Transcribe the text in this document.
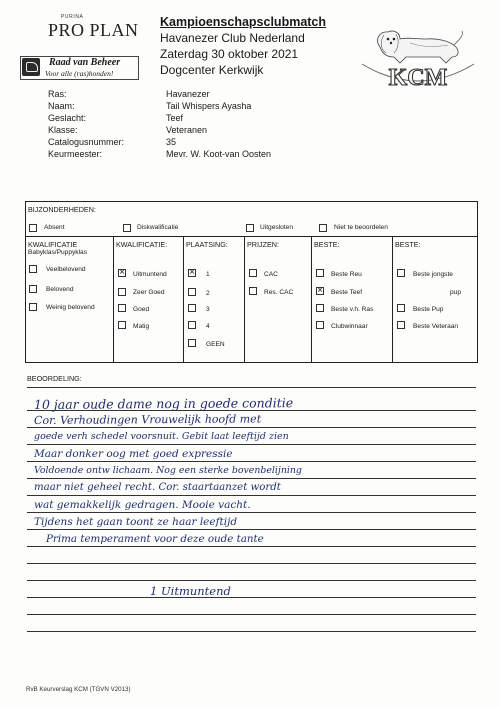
PURINA
PRO PLAN
Raad van Beheer
Voor alle (ras)honden!
Kampioenschapsclubmatch
Havanezer Club Nederland
Zaterdag 30 oktober 2021
Dogcenter Kerkwijk	KCM
Ras:	Havanezer
Naam:	Tail Whispers Ayasha
Geslacht:	Teef
Klasse:	Veteranen
Catalogusnummer:	35
Keurmeester:	Mevr. W. Koot-van Oosten
BIJZONDERHEDEN:
Absent	Diskwalificatie	Uitgesloten	Niet te beoordelen
KWALIFICATIE
Babyklas/Puppyklas
Veelbelovend
Belovend
Weinig belovend
KWALIFICATIE:
×
Uitmuntend
Zeer Goed
Goed
Matig
PLAATSING:
×
1
2
3
4
GEEN
PRIJZEN:
CAC
Res. CAC
BESTE:
Beste Reu
×
Beste Teef
Beste v.h. Ras
Clubwinnaar
BESTE:
Beste jongste
pup
Beste Pup
Beste Veteraan
BEOORDELING:
10 jaar oude dame nog in goede conditie
Cor. Verhoudingen Vrouwelijk hoofd met
goede verh schedel voorsnuit. Gebit laat leeftijd zien
Maar donker oog met goed expressie
Voldoende ontw lichaam. Nog een sterke bovenbelijning
maar niet geheel recht. Cor. staartaanzet wordt
wat gemakkelijk gedragen. Mooie vacht.
Tijdens het gaan toont ze haar leeftijd
Prima temperament voor deze oude tante
1 Uitmuntend
RvB Keurverslag KCM (TGVN V2013)
